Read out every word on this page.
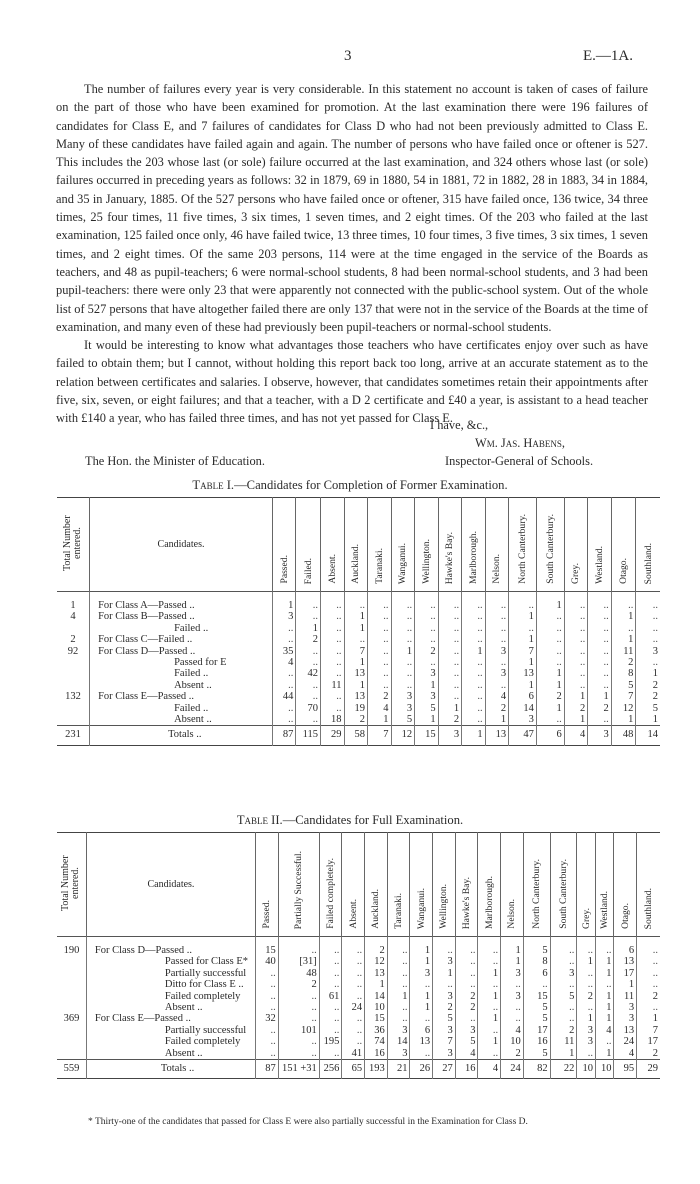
3	E.—1A.

The number of failures every year is very considerable. In this statement no account is taken of cases of failure on the part of those who have been examined for promotion. At the last examination there were 196 failures of candidates for Class E, and 7 failures of candidates for Class D who had not been previously admitted to Class E. Many of these candidates have failed again and again. The number of persons who have failed once or oftener is 527. This includes the 203 whose last (or sole) failure occurred at the last examination, and 324 others whose last (or sole) failures occurred in preceding years as follows: 32 in 1879, 69 in 1880, 54 in 1881, 72 in 1882, 28 in 1883, 34 in 1884, and 35 in January, 1885. Of the 527 persons who have failed once or oftener, 315 have failed once, 136 twice, 34 three times, 25 four times, 11 five times, 3 six times, 1 seven times, and 2 eight times. Of the 203 who failed at the last examination, 125 failed once only, 46 have failed twice, 13 three times, 10 four times, 3 five times, 3 six times, 1 seven times, and 2 eight times. Of the same 203 persons, 114 were at the time engaged in the service of the Boards as teachers, and 48 as pupil-teachers; 6 were normal-school students, 8 had been normal-school students, and 3 had been pupil-teachers: there were only 23 that were apparently not connected with the public-school system. Out of the whole list of 527 persons that have altogether failed there are only 137 that were not in the service of the Boards at the time of examination, and many even of these had previously been pupil-teachers or normal-school students.

It would be interesting to know what advantages those teachers who have certificates enjoy over such as have failed to obtain them; but I cannot, without holding this report back too long, arrive at an accurate statement as to the relation between certificates and salaries. I observe, however, that candidates sometimes retain their appointments after five, six, seven, or eight failures; and that a teacher, with a D 2 certificate and £40 a year, is assistant to a head teacher with £140 a year, who has failed three times, and has not yet passed for Class E.

I have, &c.,
Wm. Jas. Habens,
The Hon. the Minister of Education.	Inspector-General of Schools.
Table I.—Candidates for Completion of Former Examination.
Total Number entered.	Candidates.	Passed.	Failed.	Absent.	Auckland.	Taranaki.	Wanganui.	Wellington.	Hawke's Bay.	Marlborough.	Nelson.	North Canterbury.	South Canterbury.	Grey.	Westland.	Otago.	Southland.
1	For Class A—Passed ..	1	..	..	..	..	..	..	..	..	..	..	1	..	..	..	..
4	For Class B—Passed ..	3	..	..	1	..	..	..	..	..	..	1	..	..	..	1	..
	Failed ..	..	1	..	1	..	..	..	..	..	..	..	..	..	..	..	..
2	For Class C—Failed ..	..	2	..	..	..	..	..	..	..	..	1	..	..	..	1	..
92	For Class D—Passed ..	35	..	..	7	..	1	2	..	1	3	7	..	..	..	11	3
	Passed for E	4	..	..	1	..	..	..	..	..	..	1	..	..	..	2	..
	Failed ..	..	42	..	13	..	..	3	..	..	3	13	1	..	..	8	1
	Absent ..	..	..	11	1	..	..	1	..	..	..	1	1	..	..	5	2
132	For Class E—Passed ..	44	..	..	13	2	3	3	..	..	4	6	2	1	1	7	2
	Failed ..	..	70	..	19	4	3	5	1	..	2	14	1	2	2	12	5
	Absent ..	..	..	18	2	1	5	1	2	..	1	3	..	1	..	1	1
231	Totals ..	87	115	29	58	7	12	15	3	1	13	47	6	4	3	48	14
Table II.—Candidates for Full Examination.
Total Number entered.	Candidates.	Passed.	Partially Successful.	Failed completely.	Absent.	Auckland.	Taranaki.	Wanganui.	Wellington.	Hawke's Bay.	Marlborough.	Nelson.	North Canterbury.	South Canterbury.	Grey.	Westland.	Otago.	Southland.
190	For Class D—Passed ..	15	..	..	..	2	..	1	..	..	..	1	5	..	..	..	6	..
	Passed for Class E*	40	[31]	..	..	12	..	1	3	..	..	1	8	..	1	1	13	..
	Partially successful	..	48	..	..	13	..	3	1	..	1	3	6	3	..	1	17	..
	Ditto for Class E ..	..	2	..	..	1	..	..	..	..	..	..	..	..	..	..	1	..
	Failed completely	..	..	61	..	14	1	1	3	2	1	3	15	5	2	1	11	2
	Absent ..	..	..	..	24	10	..	1	2	2	..	..	5	..	..	1	3	..
369	For Class E—Passed ..	32	..	..	..	15	..	..	5	..	1	..	5	..	1	1	3	1
	Partially successful	..	101	..	..	36	3	6	3	3	..	4	17	2	3	4	13	7
	Failed completely	..	..	195	..	74	14	13	7	5	1	10	16	11	3	..	24	17
	Absent ..	..	..	..	41	16	3	..	3	4	..	2	5	1	..	1	4	2
559	Totals ..	87	151 +31	256	65	193	21	26	27	16	4	24	82	22	10	10	95	29
* Thirty-one of the candidates that passed for Class E were also partially successful in the Examination for Class D.
